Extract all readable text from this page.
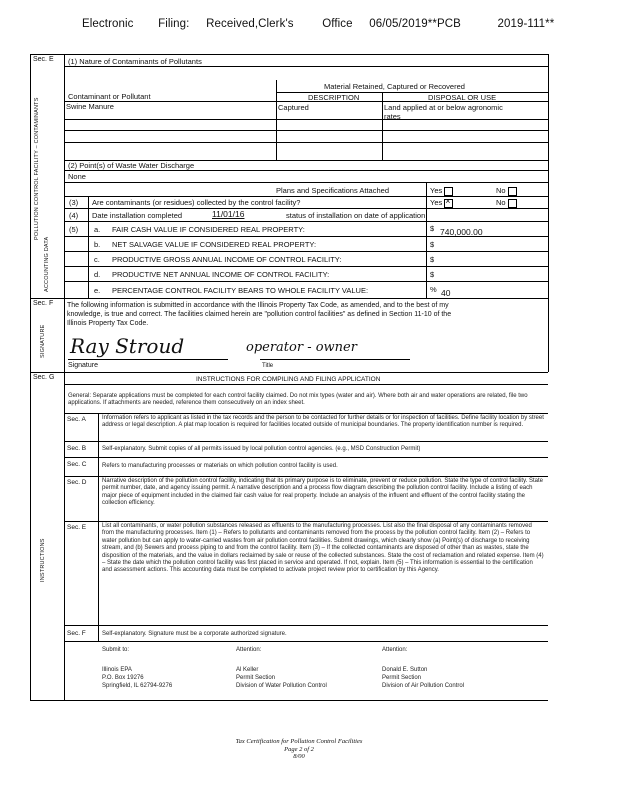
Electronic Filing: Received,Clerk's Office 06/05/2019**PCB	2019-111**
Sec. E
POLLUTION CONTROL FACILITY – CONTAMINANTS
ACCOUNTING DATA
Sec. F
SIGNATURE
Sec. G
INSTRUCTIONS
(1) Nature of Contaminants of Pollutants
Material Retained, Captured or Recovered
Contaminant or Pollutant	DESCRIPTION	DISPOSAL OR USE
Swine Manure	Captured	Land applied at or below agronomic
rates
(2) Point(s) of Waste Water Discharge
None
Plans and Specifications Attached	Yes	No
(3) Are contaminants (or residues) collected by the control facility?	Yes×	No
(4) Date installation completed	11/01/16	status of installation on date of application
(5) a. FAIR CASH VALUE IF CONSIDERED REAL PROPERTY:	$ 740,000.00
b. NET SALVAGE VALUE IF CONSIDERED REAL PROPERTY:	$
c. PRODUCTIVE GROSS ANNUAL INCOME OF CONTROL FACILITY:	$
d. PRODUCTIVE NET ANNUAL INCOME OF CONTROL FACILITY:	$
e. PERCENTAGE CONTROL FACILITY BEARS TO WHOLE FACILITY VALUE:	% 40
The following information is submitted in accordance with the Illinois Property Tax Code, as amended, and to the best of my
knowledge, is true and correct. The facilities claimed herein are "pollution control facilities" as defined in Section 11-10 of the
Illinois Property Tax Code.
Ray Stroud	operator - owner
Signature	Title
INSTRUCTIONS FOR COMPILING AND FILING APPLICATION
General: Separate applications must be completed for each control facility claimed. Do not mix types (water and air). Where both air and water operations are related, file two applications. If attachments are needed, reference them consecutively on an index sheet.
Sec. A	Information refers to applicant as listed in the tax records and the person to be contacted for further details or for inspection of facilities. Define facility location by street address or legal description. A plat map location is required for facilities located outside of municipal boundaries. The property identification number is required.
Sec. B	Self-explanatory. Submit copies of all permits issued by local pollution control agencies. (e.g., MSD Construction Permit)
Sec. C	Refers to manufacturing processes or materials on which pollution control facility is used.
Sec. D	Narrative description of the pollution control facility, indicating that its primary purpose is to eliminate, prevent or reduce pollution. State the type of control facility. State permit number, date, and agency issuing permit. A narrative description and a process flow diagram describing the pollution control facility. Include a listing of each major piece of equipment included in the claimed fair cash value for real property. Include an analysis of the influent and effluent of the control facility stating the collection efficiency.
Sec. E	List all contaminants, or water pollution substances released as effluents to the manufacturing processes. List also the final disposal of any contaminants removed from the manufacturing processes. Item (1) – Refers to pollutants and contaminants removed from the process by the pollution control facility. Item (2) – Refers to water pollution but can apply to water-carried wastes from air pollution control facilities. Submit drawings, which clearly show (a) Point(s) of discharge to receiving stream, and (b) Sewers and process piping to and from the control facility. Item (3) – If the collected contaminants are disposed of other than as wastes, state the disposition of the materials, and the value in dollars reclaimed by sale or reuse of the collected substances. State the cost of reclamation and related expense. Item (4) – State the date which the pollution control facility was first placed in service and operated. If not, explain. Item (5) – This information is essential to the certification and assessment actions. This accounting data must be completed to activate project review prior to certification by this Agency.
Sec. F	Self-explanatory. Signature must be a corporate authorized signature.
Submit to:	Attention:	Attention:
Illinois EPA
P.O. Box 19276
Springfield, IL 62794-9276
Al Keller
Permit Section
Division of Water Pollution Control
Donald E. Sutton
Permit Section
Division of Air Pollution Control
Tax Certification for Pollution Control Facilities
Page 2 of 2
8/00
